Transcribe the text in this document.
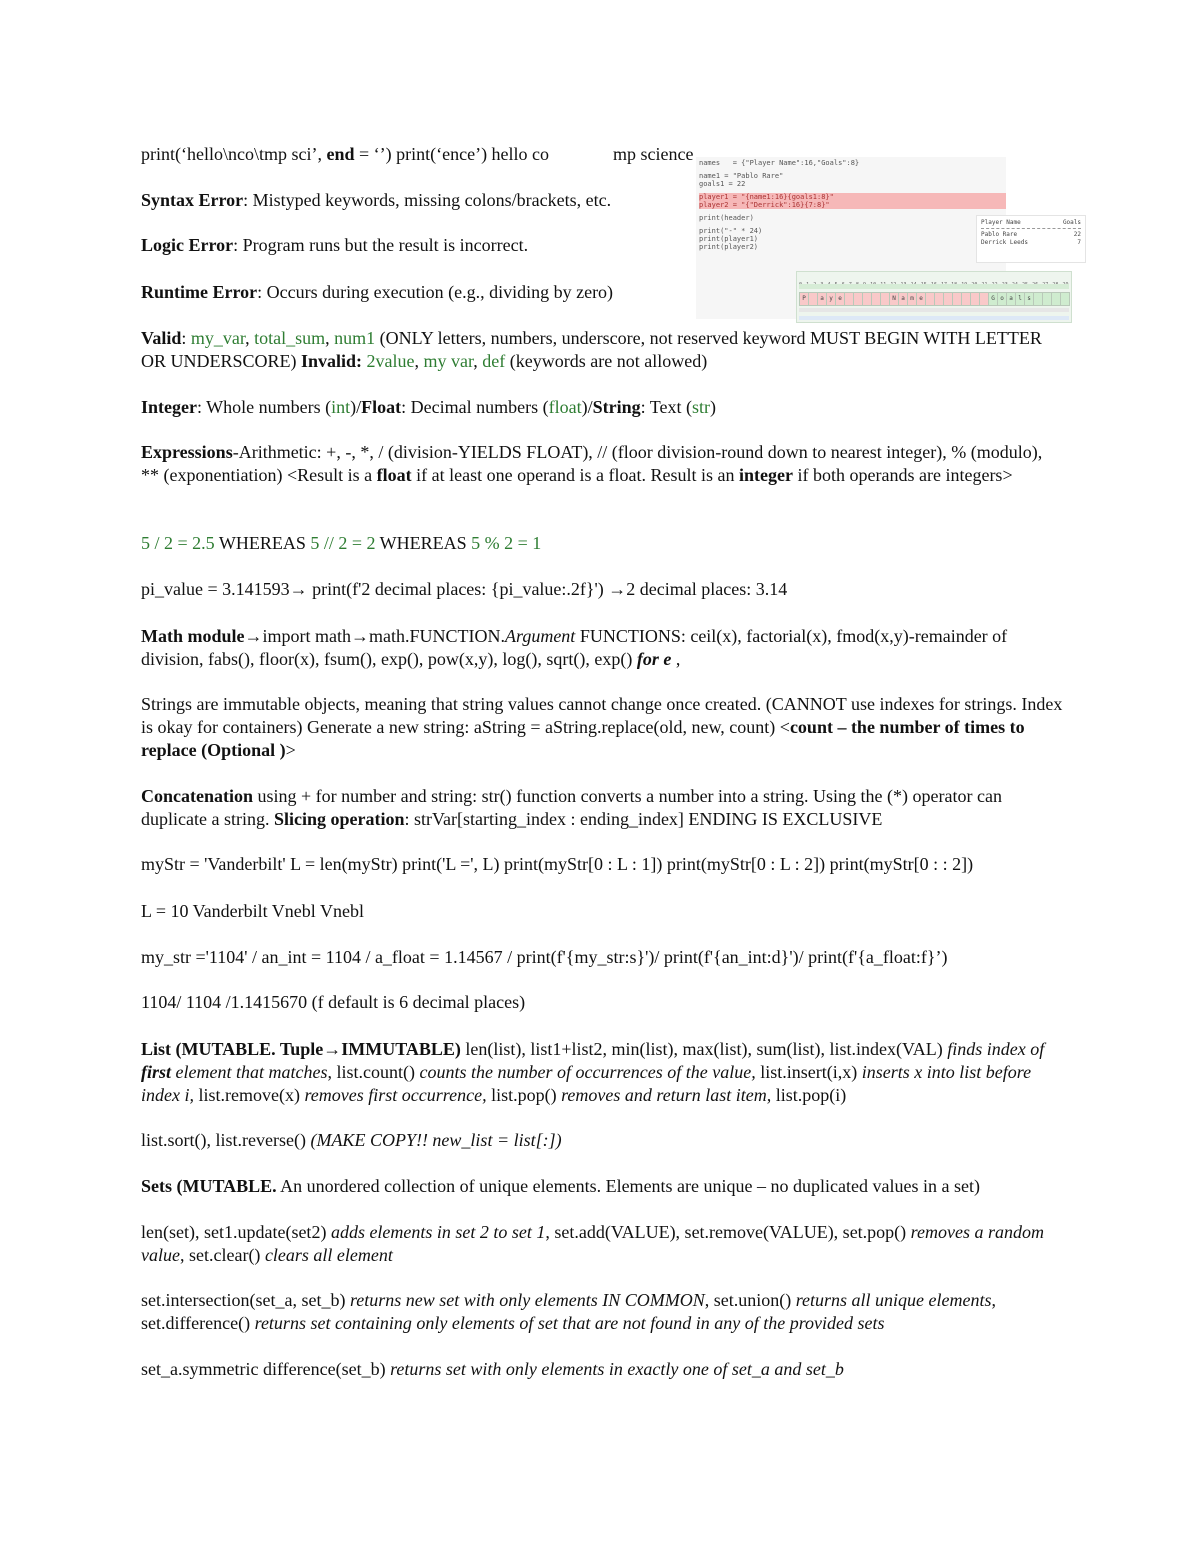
print(‘hello\nco\tmp sci’, end = ‘’) print(‘ence’) hello co	mp science

Syntax Error: Mistyped keywords, missing colons/brackets, etc.

Logic Error: Program runs but the result is incorrect.

Runtime Error: Occurs during execution (e.g., dividing by zero)

Valid: my_var, total_sum, num1 (ONLY letters, numbers, underscore, not reserved keyword MUST BEGIN WITH LETTER OR UNDERSCORE) Invalid: 2value, my var, def (keywords are not allowed)

Integer: Whole numbers (int)/Float: Decimal numbers (float)/String: Text (str)

Expressions-Arithmetic: +, -, *, / (division-YIELDS FLOAT), // (floor division-round down to nearest integer), % (modulo), ** (exponentiation) <Result is a float if at least one operand is a float. Result is an integer if both operands are integers>

5 / 2 = 2.5 WHEREAS 5 // 2 = 2 WHEREAS 5 % 2 = 1

pi_value = 3.141593→ print(f'2 decimal places: {pi_value:.2f}') →2 decimal places: 3.14

Math module→import math→math.FUNCTION.Argument FUNCTIONS: ceil(x), factorial(x), fmod(x,y)-remainder of division, fabs(), floor(x), fsum(), exp(), pow(x,y), log(), sqrt(), exp() for e ,

Strings are immutable objects, meaning that string values cannot change once created. (CANNOT use indexes for strings. Index is okay for containers) Generate a new string: aString = aString.replace(old, new, count) <count – the number of times to replace (Optional )>

Concatenation using + for number and string: str() function converts a number into a string. Using the (*) operator can duplicate a string. Slicing operation: strVar[starting_index : ending_index] ENDING IS EXCLUSIVE

myStr = 'Vanderbilt' L = len(myStr) print('L =', L) print(myStr[0 : L : 1]) print(myStr[0 : L : 2]) print(myStr[0 : : 2])

L = 10 Vanderbilt Vnebl Vnebl

my_str ='1104' / an_int = 1104 / a_float = 1.14567 / print(f'{my_str:s}')/ print(f'{an_int:d}')/ print(f'{a_float:f}’)

1104/ 1104 /1.1415670 (f default is 6 decimal places)

List (MUTABLE. Tuple→IMMUTABLE) len(list), list1+list2, min(list), max(list), sum(list), list.index(VAL) finds index of first element that matches, list.count() counts the number of occurrences of the value, list.insert(i,x) inserts x into list before index i, list.remove(x) removes first occurrence, list.pop() removes and return last item, list.pop(i)

list.sort(), list.reverse() (MAKE COPY!! new_list = list[:])

Sets (MUTABLE. An unordered collection of unique elements. Elements are unique – no duplicated values in a set)

len(set), set1.update(set2) adds elements in set 2 to set 1, set.add(VALUE), set.remove(VALUE), set.pop() removes a random value, set.clear() clears all element

set.intersection(set_a, set_b) returns new set with only elements IN COMMON, set.union() returns all unique elements, set.difference() returns set containing only elements of set that are not found in any of the provided sets

set_a.symmetric difference(set_b) returns set with only elements in exactly one of set_a and set_b

names   = {"Player Name":16,"Goals":8}
name1 = "Pablo Rare"
goals1 = 22
player1 = "{name1:16}{goals1:8}"
player2 = "{"Derrick":16}{7:8}"
print(header)
print("-" * 24)
print(player1)
print(player2)
Player Name	Goals
Pablo Rare	22
Derrick Leeds	7
P	a y e	N a m e	G o a l s
